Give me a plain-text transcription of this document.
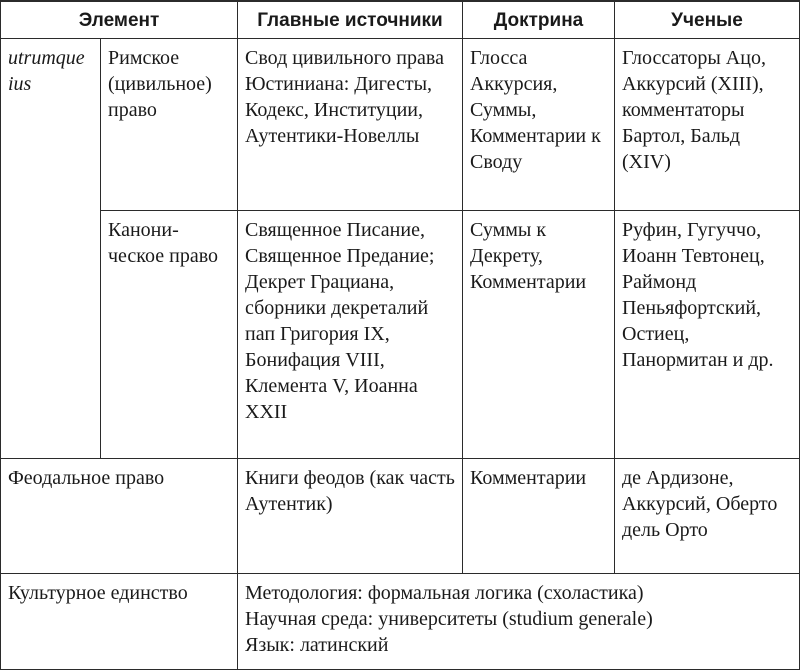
Элемент		Главные источники	Доктрина	Ученые
utrumque ius	Римское (цивильное) право	Свод цивильного права Юстиниана: Дигесты, Кодекс, Институции, Аутентики-Новеллы	Глосса Аккурсия, Суммы, Комментарии к Своду	Глоссаторы Ацо, Аккурсий (XIII), комментаторы Бартол, Бальд (XIV)
	Канони-ческое право	Священное Писание, Священное Предание; Декрет Грациана, сборники декреталий пап Григория IX, Бонифация VIII, Клемента V, Иоанна XXII	Суммы к Декрету, Комментарии	Руфин, Гугуччо, Иоанн Тевтонец, Раймонд Пеньяфортский, Остиец, Панормитан и др.
Феодальное право		Книги феодов (как часть Аутентик)	Комментарии	де Ардизоне, Аккурсий, Оберто дель Орто
Культурное единство		Методология: формальная логика (схоластика)
Научная среда: университеты (studium generale)
Язык: латинский		
